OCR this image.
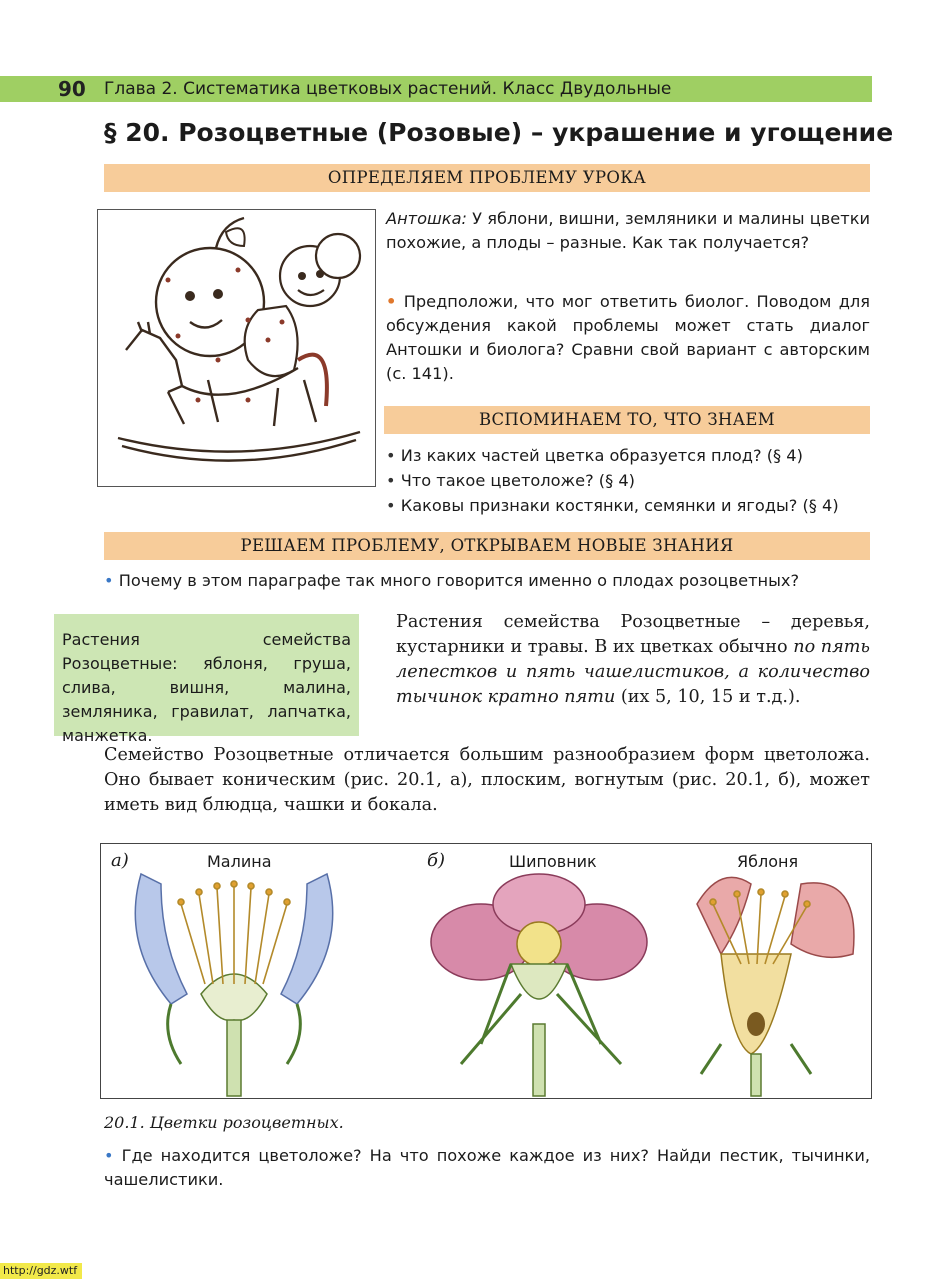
90	Глава 2. Систематика цветковых растений. Класс Двудольные
§ 20. Розоцветные (Розовые) – украшение и угощение
ОПРЕДЕЛЯЕМ ПРОБЛЕМУ УРОКА
Антошка: У яблони, вишни, земляники и малины цветки похожие, а плоды – разные. Как так получается?
• Предположи, что мог ответить биолог. Поводом для обсуждения какой проблемы может стать диалог Антошки и биолога? Сравни свой вариант с авторским (с. 141).
ВСПОМИНАЕМ ТО, ЧТО ЗНАЕМ
• Из каких частей цветка образуется плод? (§ 4)
• Что такое цветоложе? (§ 4)
• Каковы признаки костянки, семянки и ягоды? (§ 4)
РЕШАЕМ ПРОБЛЕМУ, ОТКРЫВАЕМ НОВЫЕ ЗНАНИЯ
• Почему в этом параграфе так много говорится именно о плодах розоцветных?
Растения семейства Розоцветные: яблоня, груша, слива, вишня, малина, земляника, гравилат, лапчатка, манжетка.
Растения семейства Розоцветные – деревья, кустарники и травы. В их цветках обычно по пять лепестков и пять чашелистиков, а количество тычинок кратно пяти (их 5, 10, 15 и т.д.).
Семейство Розоцветные отличается большим разнообразием форм цветоложа. Оно бывает коническим (рис. 20.1, а), плоским, вогнутым (рис. 20.1, б), может иметь вид блюдца, чашки и бокала.
а)	Малина	б)	Шиповник	Яблоня
20.1. Цветки розоцветных.
• Где находится цветоложе? На что похоже каждое из них? Найди пестик, тычинки, чашелистики.
http://gdz.wtf
